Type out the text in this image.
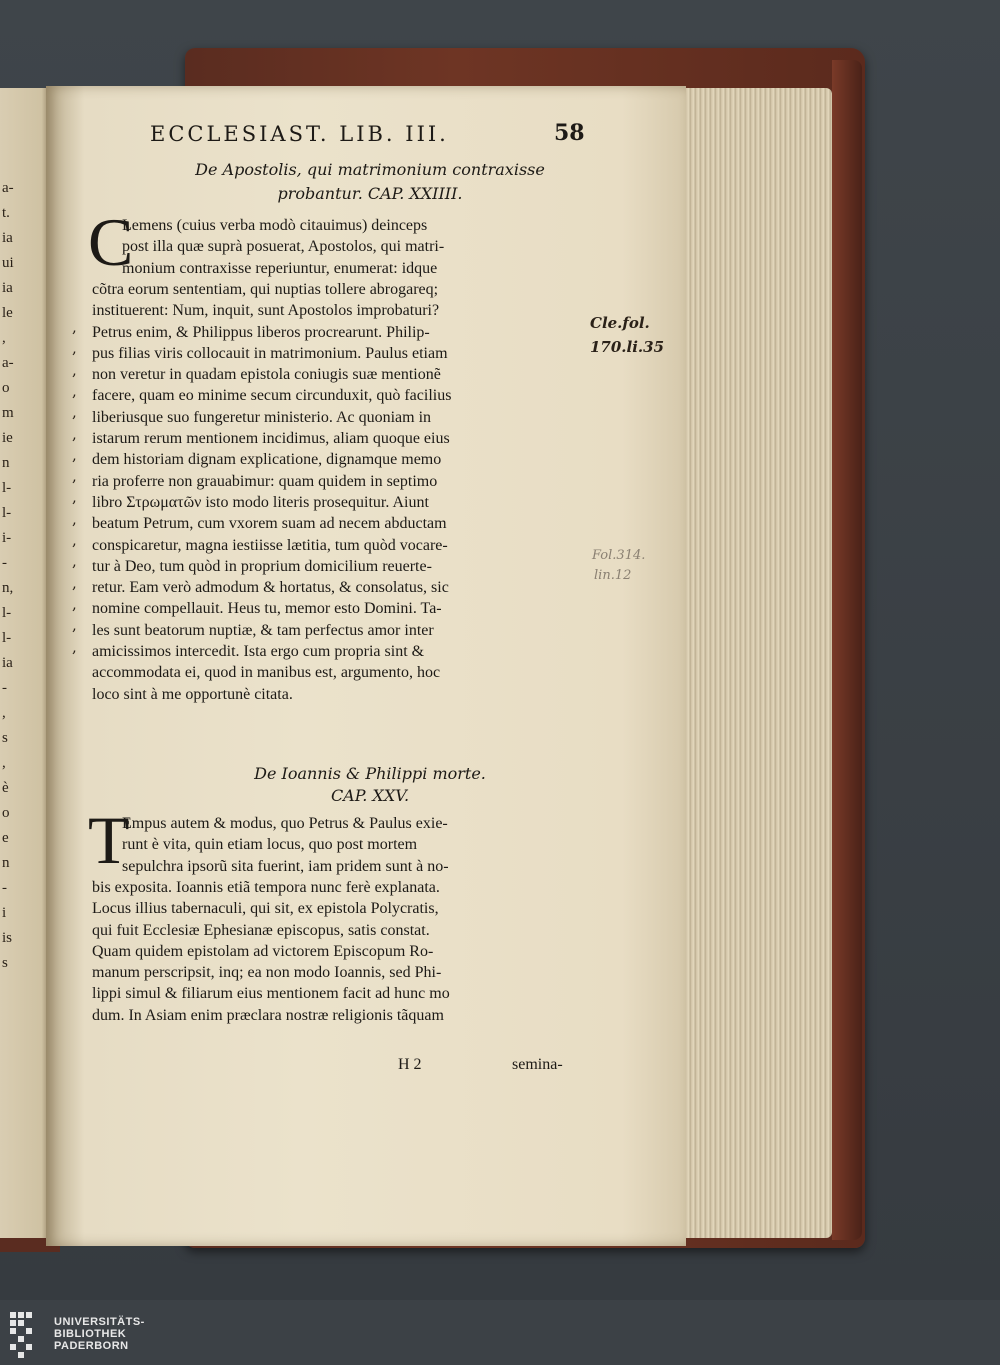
a-
t.
ia
ui
ia
le
,
a-
o
m
ie
n
l-
l-
i-
-
n,
l-
l-
ia
-
,
s
,
è
o
e
n
-
i
is
s
ECCLESIAST. LIB. III.	58
De Apostolis, qui matrimonium contraxisse
probantur. CAP. XXIIII.
C
Lemens (cuius verba modò citauimus) deinceps
post illa quæ suprà posuerat, Apostolos, qui matri-
monium contraxisse reperiuntur, enumerat: idque
cõtra eorum sententiam, qui nuptias tollere abrogareq;
instituerent: Num, inquit, sunt Apostolos improbaturi?
Petrus enim, & Philippus liberos procrearunt. Philip-
pus filias viris collocauit in matrimonium. Paulus etiam
non veretur in quadam epistola coniugis suæ mentionẽ
facere, quam eo minime secum circunduxit, quò facilius
liberiusque suo fungeretur ministerio. Ac quoniam in
istarum rerum mentionem incidimus, aliam quoque eius
dem historiam dignam explicatione, dignamque memo
ria proferre non grauabimur: quam quidem in septimo
libro Στρωματῶν isto modo literis prosequitur. Aiunt
beatum Petrum, cum vxorem suam ad necem abductam
conspicaretur, magna iestiisse lætitia, tum quòd vocare-
tur à Deo, tum quòd in proprium domicilium reuerte-
retur. Eam verò admodum & hortatus, & consolatus, sic
nomine compellauit. Heus tu, memor esto Domini. Ta-
les sunt beatorum nuptiæ, & tam perfectus amor inter
amicissimos intercedit. Ista ergo cum propria sint &
accommodata ei, quod in manibus est, argumento, hoc
loco sint à me opportunè citata.
De Ioannis & Philippi morte.
CAP. XXV.
T
Empus autem & modus, quo Petrus & Paulus exie-
runt è vita, quin etiam locus, quo post mortem
sepulchra ipsorũ sita fuerint, iam pridem sunt à no-
bis exposita. Ioannis etiã tempora nunc ferè explanata.
Locus illius tabernaculi, qui sit, ex epistola Polycratis,
qui fuit Ecclesiæ Ephesianæ episcopus, satis constat.
Quam quidem epistolam ad victorem Episcopum Ro-
manum perscripsit, inq; ea non modo Ioannis, sed Phi-
lippi simul & filiarum eius mentionem facit ad hunc mo
dum. In Asiam enim præclara nostræ religionis tãquam
H 2	semina-
Cle.fol.
170.li.35
Fol.314.
lin.12
UNIVERSITÄTS-
BIBLIOTHEK
PADERBORN
,
,
,
,
,
,
,
,
,
,
,
,
,
,
,
,
